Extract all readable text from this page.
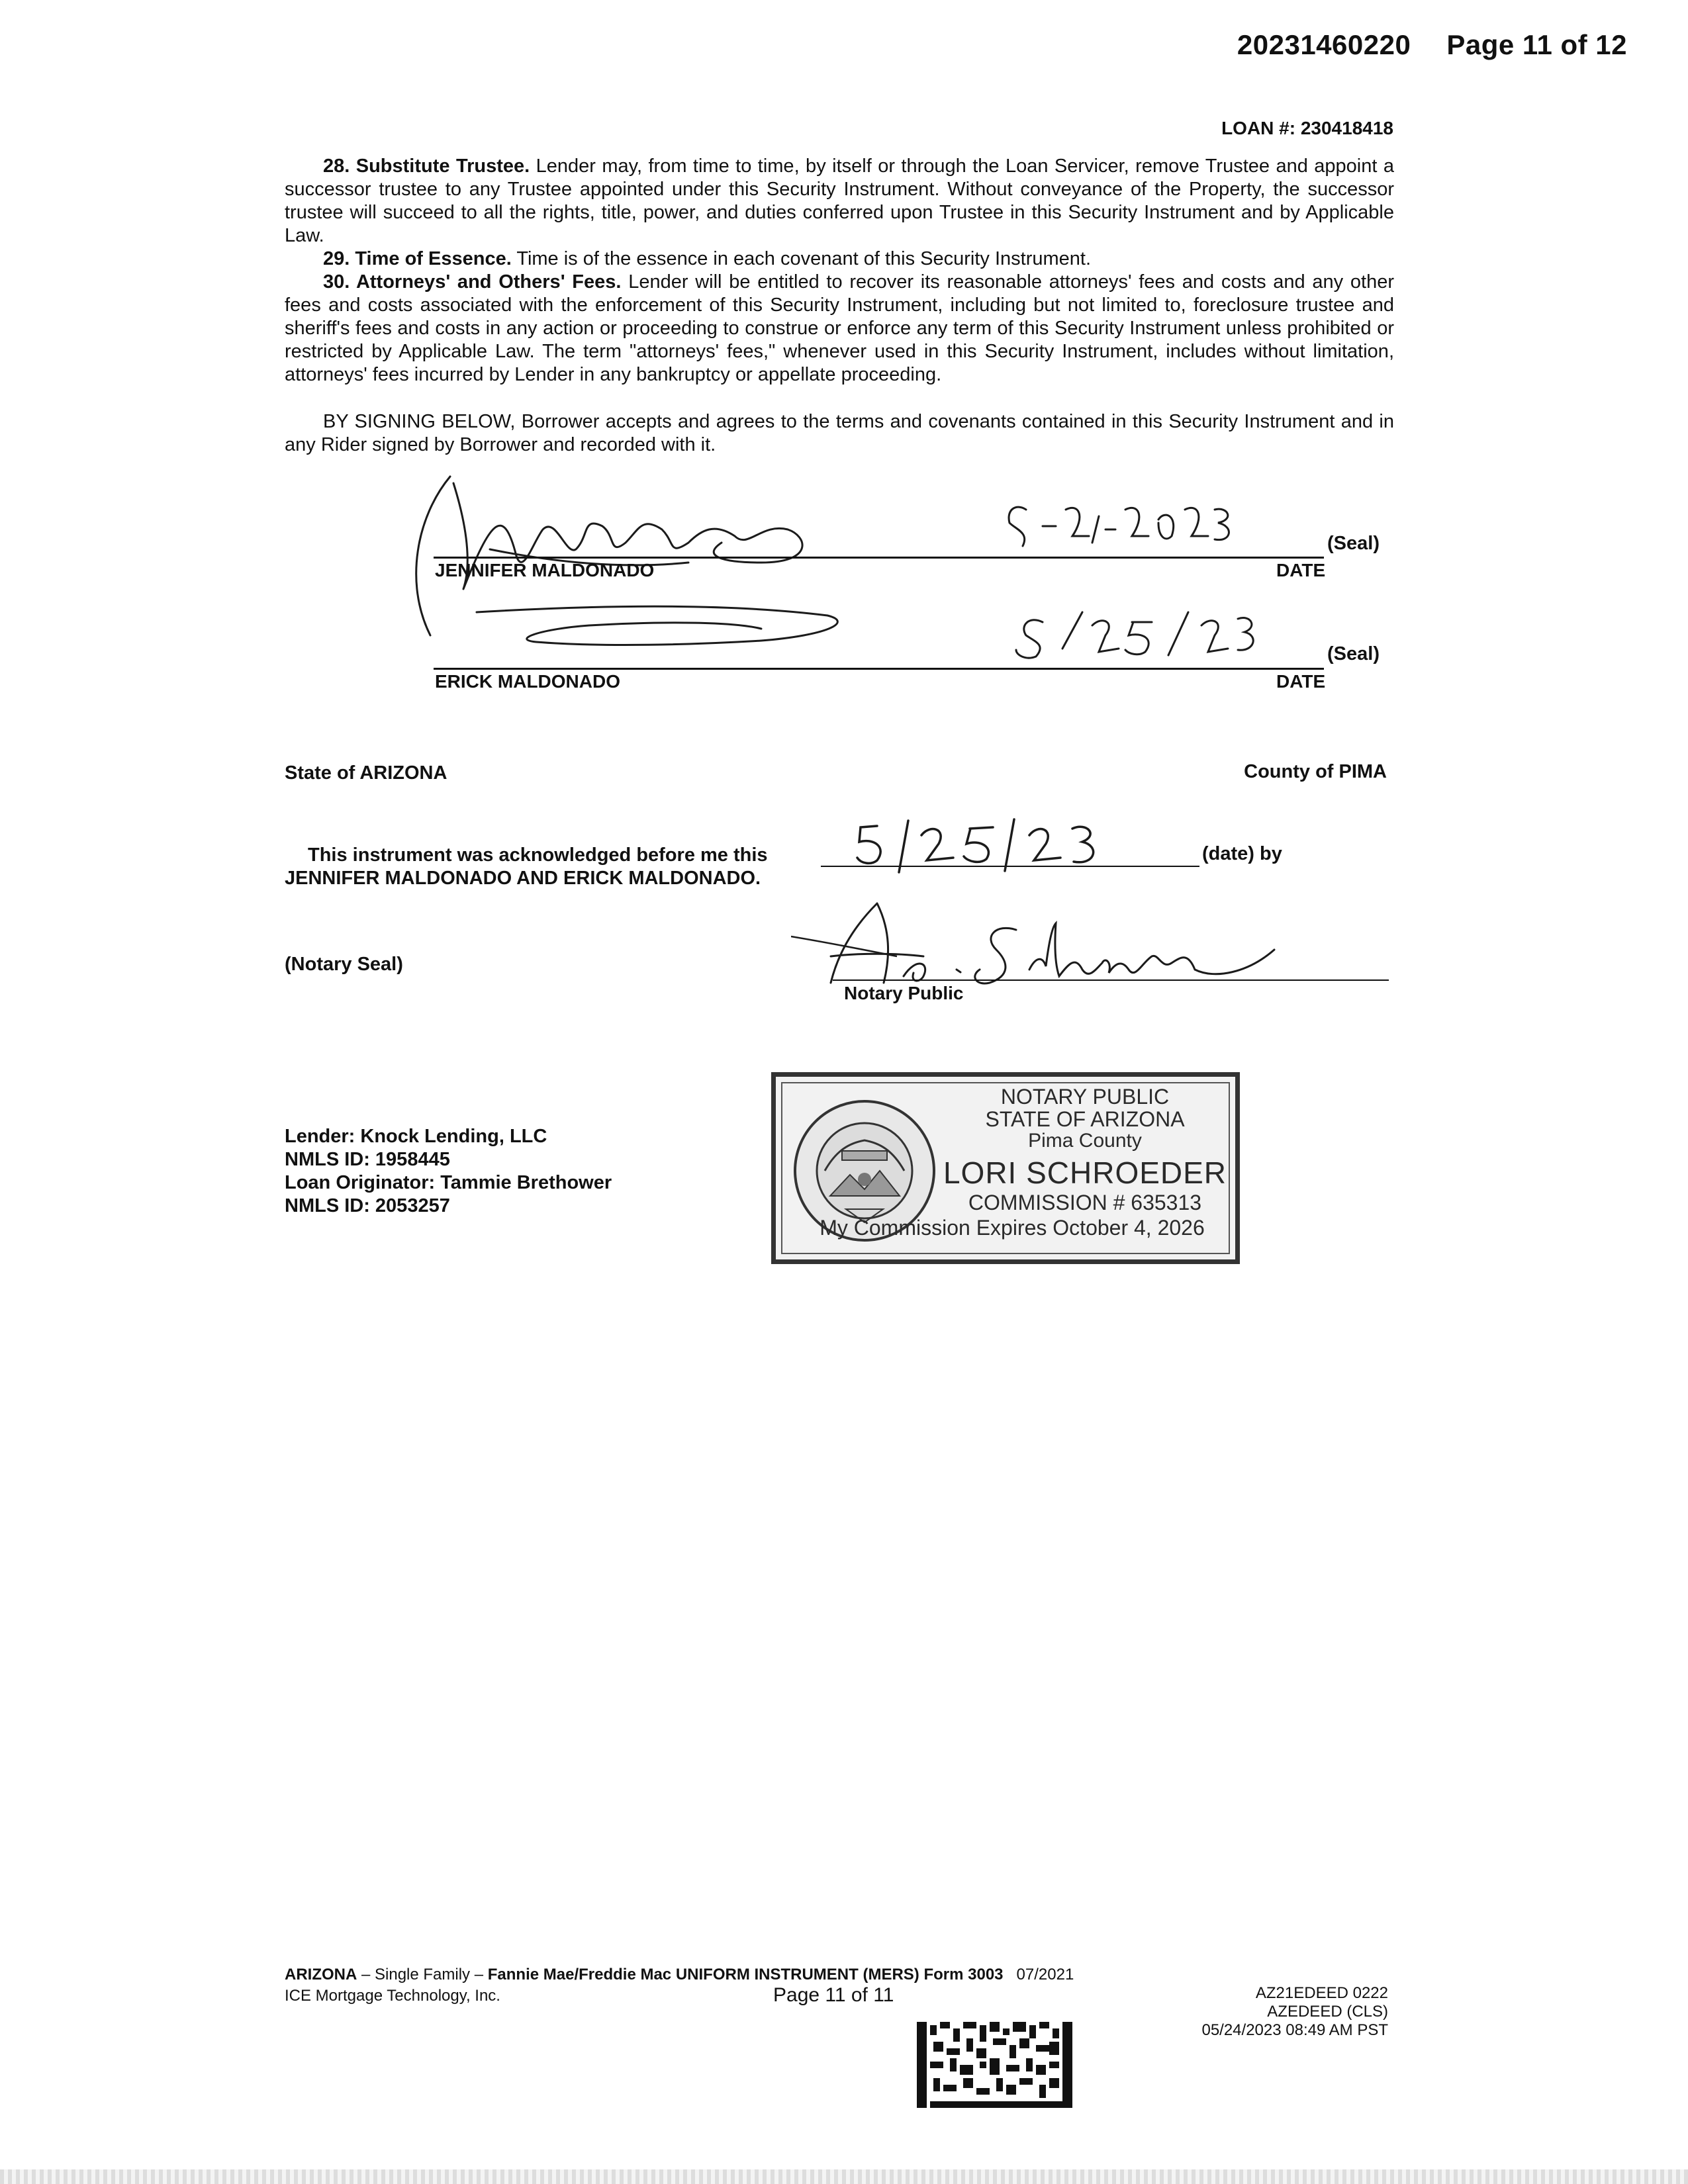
20231460220 Page 11 of 12
LOAN #: 230418418

28. Substitute Trustee. Lender may, from time to time, by itself or through the Loan Servicer, remove Trustee and appoint a successor trustee to any Trustee appointed under this Security Instrument. Without conveyance of the Property, the successor trustee will succeed to all the rights, title, power, and duties conferred upon Trustee in this Security Instrument and by Applicable Law.

29. Time of Essence. Time is of the essence in each covenant of this Security Instrument.

30. Attorneys' and Others' Fees. Lender will be entitled to recover its reasonable attorneys' fees and costs and any other fees and costs associated with the enforcement of this Security Instrument, including but not limited to, foreclosure trustee and sheriff's fees and costs in any action or proceeding to construe or enforce any term of this Security Instrument unless prohibited or restricted by Applicable Law. The term "attorneys' fees," whenever used in this Security Instrument, includes without limitation, attorneys' fees incurred by Lender in any bankruptcy or appellate proceeding.

BY SIGNING BELOW, Borrower accepts and agrees to the terms and covenants contained in this Security Instrument and in any Rider signed by Borrower and recorded with it.

JENNIFER MALDONADO	DATE
(Seal)
ERICK MALDONADO	DATE
(Seal)
State of ARIZONA	County of PIMA
This instrument was acknowledged before me this
JENNIFER MALDONADO AND ERICK MALDONADO.
(date) by
(Notary Seal)
Notary Public
Lender: Knock Lending, LLC
NMLS ID: 1958445
Loan Originator: Tammie Brethower
NMLS ID: 2053257
NOTARY PUBLIC
STATE OF ARIZONA
Pima County
LORI SCHROEDER
COMMISSION # 635313
My Commission Expires October 4, 2026
ARIZONA – Single Family – Fannie Mae/Freddie Mac UNIFORM INSTRUMENT (MERS) Form 3003 07/2021
ICE Mortgage Technology, Inc.	Page 11 of 11	AZ21EDEED 0222
AZEDEED (CLS)
05/24/2023 08:49 AM PST
